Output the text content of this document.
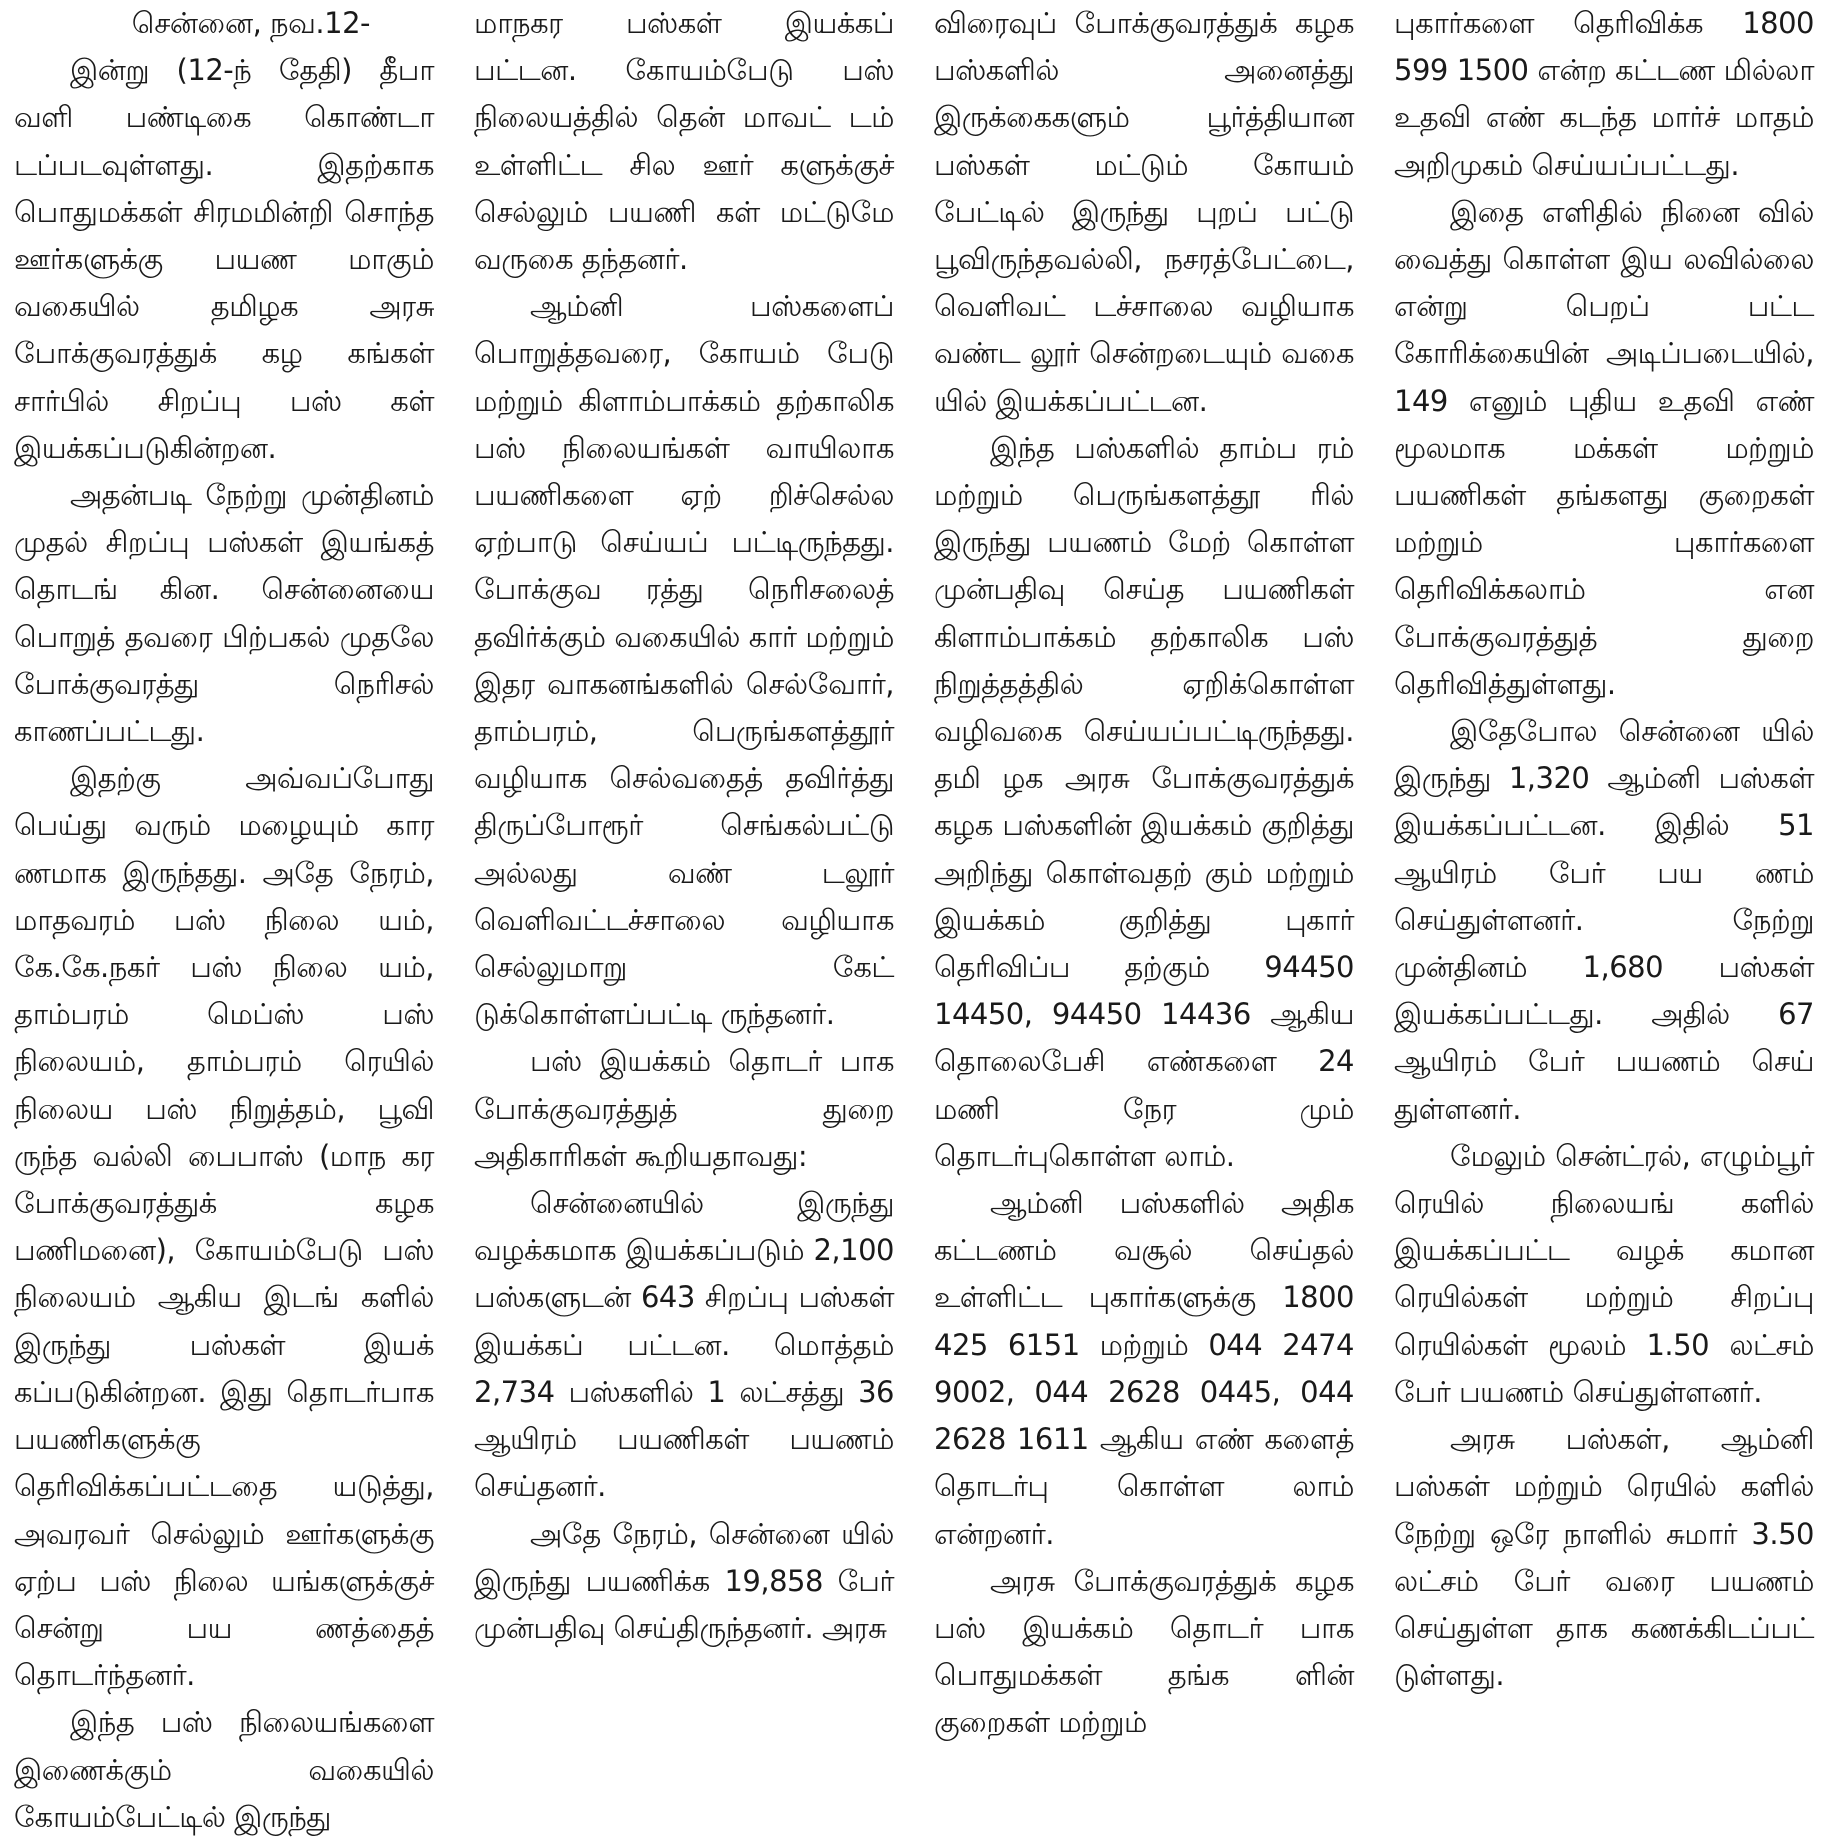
சென்னை, நவ.12-

இன்று (12-ந் தேதி) தீபா வளி பண்டிகை கொண்டா டப்படவுள்ளது. இதற்காக பொதுமக்கள் சிரமமின்றி சொந்த ஊர்களுக்கு பயண மாகும் வகையில் தமிழக அரசு போக்குவரத்துக் கழ கங்கள் சார்பில் சிறப்பு பஸ் கள் இயக்கப்படுகின்றன.

அதன்படி நேற்று முன்தினம் முதல் சிறப்பு பஸ்கள் இயங்கத் தொடங் கின. சென்னையை பொறுத் தவரை பிற்பகல் முதலே போக்குவரத்து நெரிசல் காணப்பட்டது.

இதற்கு அவ்வப்போது பெய்து வரும் மழையும் கார ணமாக இருந்தது. அதே நேரம், மாதவரம் பஸ் நிலை யம், கே.கே.நகர் பஸ் நிலை யம், தாம்பரம் மெப்ஸ் பஸ் நிலையம், தாம்பரம் ரெயில் நிலைய பஸ் நிறுத்தம், பூவி ருந்த வல்லி பைபாஸ் (மாந கர போக்குவரத்துக் கழக பணிமனை), கோயம்பேடு பஸ் நிலையம் ஆகிய இடங் களில் இருந்து பஸ்கள் இயக் கப்படுகின்றன. இது தொடர்பாக பயணிகளுக்கு தெரிவிக்கப்பட்டதை யடுத்து, அவரவர் செல்லும் ஊர்களுக்கு ஏற்ப பஸ் நிலை யங்களுக்குச் சென்று பய ணத்தைத் தொடர்ந்தனர்.

இந்த பஸ் நிலையங்களை இணைக்கும் வகையில் கோயம்பேட்டில் இருந்து

மாநகர பஸ்கள் இயக்கப் பட்டன. கோயம்பேடு பஸ் நிலையத்தில் தென் மாவட் டம் உள்ளிட்ட சில ஊர் களுக்குச் செல்லும் பயணி கள் மட்டுமே வருகை தந்தனர்.

ஆம்னி பஸ்களைப் பொறுத்தவரை, கோயம் பேடு மற்றும் கிளாம்பாக்கம் தற்காலிக பஸ் நிலையங்கள் வாயிலாக பயணிகளை ஏற் றிச்செல்ல ஏற்பாடு செய்யப் பட்டிருந்தது. போக்குவ ரத்து நெரிசலைத் தவிர்க்கும் வகையில் கார் மற்றும் இதர வாகனங்களில் செல்வோர், தாம்பரம், பெருங்களத்தூர் வழியாக செல்வதைத் தவிர்த்து திருப்போரூர் செங்கல்பட்டு அல்லது வண் டலூர் வெளிவட்டச்சாலை வழியாக செல்லுமாறு கேட் டுக்கொள்ளப்பட்டி ருந்தனர்.

பஸ் இயக்கம் தொடர் பாக போக்குவரத்துத் துறை அதிகாரிகள் கூறியதாவது:

சென்னையில் இருந்து வழக்கமாக இயக்கப்படும் 2,100 பஸ்களுடன் 643 சிறப்பு பஸ்கள் இயக்கப் பட்டன. மொத்தம் 2,734 பஸ்களில் 1 லட்சத்து 36 ஆயிரம் பயணிகள் பயணம் செய்தனர்.

அதே நேரம், சென்னை யில் இருந்து பயணிக்க 19,858 பேர் முன்பதிவு செய்திருந்தனர். அரசு

விரைவுப் போக்குவரத்துக் கழக பஸ்களில் அனைத்து இருக்கைகளும் பூர்த்தியான பஸ்கள் மட்டும் கோயம் பேட்டில் இருந்து புறப் பட்டு பூவிருந்தவல்லி, நசரத்பேட்டை, வெளிவட் டச்சாலை வழியாக வண்ட லூர் சென்றடையும் வகை யில் இயக்கப்பட்டன.

இந்த பஸ்களில் தாம்ப ரம் மற்றும் பெருங்களத்தூ ரில் இருந்து பயணம் மேற் கொள்ள முன்பதிவு செய்த பயணிகள் கிளாம்பாக்கம் தற்காலிக பஸ் நிறுத்தத்தில் ஏறிக்கொள்ள வழிவகை செய்யப்பட்டிருந்தது. தமி ழக அரசு போக்குவரத்துக் கழக பஸ்களின் இயக்கம் குறித்து அறிந்து கொள்வதற் கும் மற்றும் இயக்கம் குறித்து புகார் தெரிவிப்ப தற்கும் 94450 14450, 94450 14436 ஆகிய தொலைபேசி எண்களை 24 மணி நேர மும் தொடர்புகொள்ள லாம்.

ஆம்னி பஸ்களில் அதிக கட்டணம் வசூல் செய்தல் உள்ளிட்ட புகார்களுக்கு 1800 425 6151 மற்றும் 044 2474 9002, 044 2628 0445, 044 2628 1611 ஆகிய எண் களைத் தொடர்பு கொள்ள லாம் என்றனர்.

அரசு போக்குவரத்துக் கழக பஸ் இயக்கம் தொடர் பாக பொதுமக்கள் தங்க ளின் குறைகள் மற்றும்

புகார்களை தெரிவிக்க 1800 599 1500 என்ற கட்டண மில்லா உதவி எண் கடந்த மார்ச் மாதம் அறிமுகம் செய்யப்பட்டது.

இதை எளிதில் நினை வில் வைத்து கொள்ள இய லவில்லை என்று பெறப் பட்ட கோரிக்கையின் அடிப்படையில், 149 எனும் புதிய உதவி எண் மூலமாக மக்கள் மற்றும் பயணிகள் தங்களது குறைகள் மற்றும் புகார்களை தெரிவிக்கலாம் என போக்குவரத்துத் துறை தெரிவித்துள்ளது.

இதேபோல சென்னை யில் இருந்து 1,320 ஆம்னி பஸ்கள் இயக்கப்பட்டன. இதில் 51 ஆயிரம் பேர் பய ணம் செய்துள்ளனர். நேற்று முன்தினம் 1,680 பஸ்கள் இயக்கப்பட்டது. அதில் 67 ஆயிரம் பேர் பயணம் செய் துள்ளனர்.

மேலும் சென்ட்ரல், எழும்பூர் ரெயில் நிலையங் களில் இயக்கப்பட்ட வழக் கமான ரெயில்கள் மற்றும் சிறப்பு ரெயில்கள் மூலம் 1.50 லட்சம் பேர் பயணம் செய்துள்ளனர்.

அரசு பஸ்கள், ஆம்னி பஸ்கள் மற்றும் ரெயில் களில் நேற்று ஒரே நாளில் சுமார் 3.50 லட்சம் பேர் வரை பயணம் செய்துள்ள தாக கணக்கிடப்பட் டுள்ளது.
